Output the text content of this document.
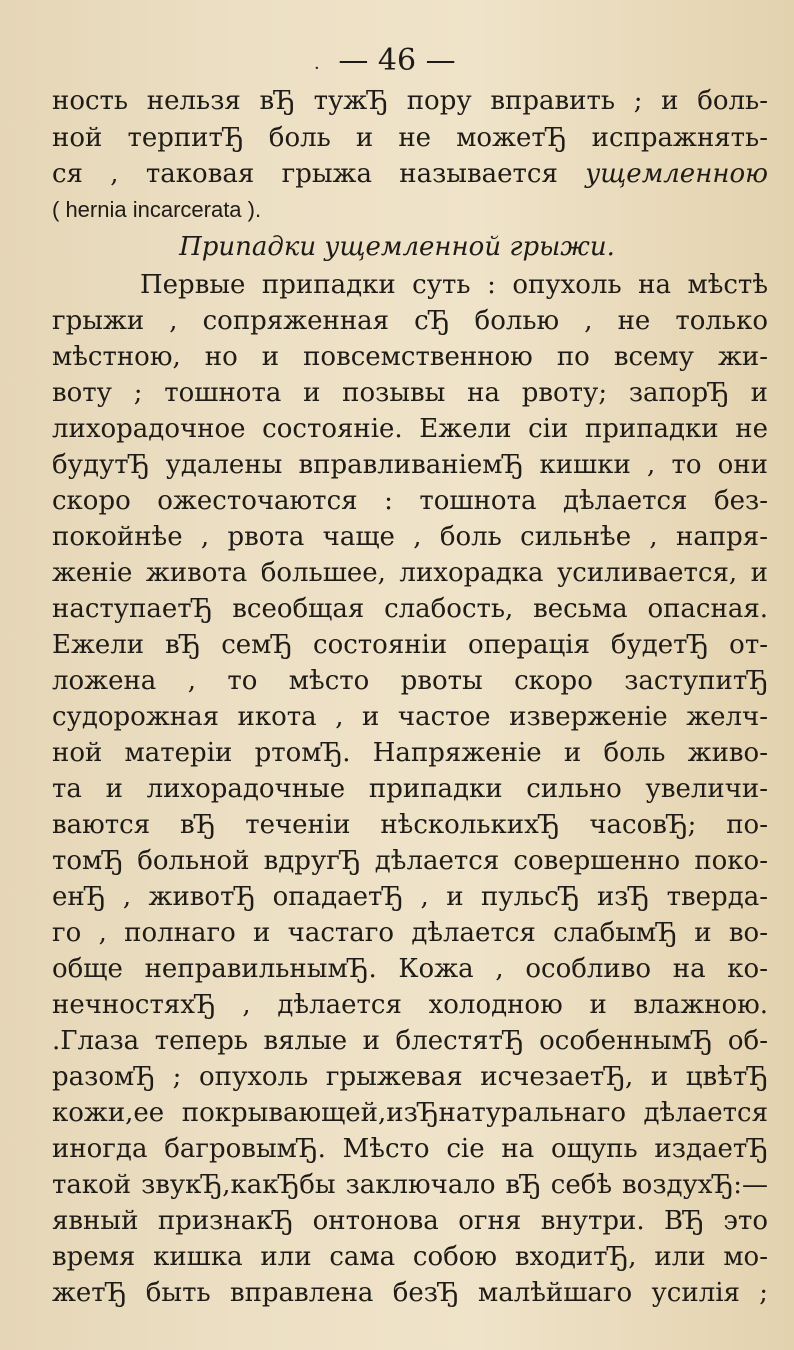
· — 46 —
ность нельзя вЂ тужЂ пору вправить ; и боль-
ной терпитЂ боль и не можетЂ испражнять-
ся , таковая грыжа называется ущемленною
( hernia incarcerata ).
Припадки ущемленной грыжи.
Первые припадки суть : опухоль на мѣстѣ
грыжи , сопряженная сЂ болью , не только
мѣстною, но и повсемственною по всему жи-
воту ; тошнота и позывы на рвоту; запорЂ и
лихорадочное состояніе. Ежели сіи припадки не
будутЂ удалены вправливаніемЂ кишки , то они
скоро ожесточаются : тошнота дѣлается без-
покойнѣе , рвота чаще , боль сильнѣе , напря-
женіе живота большее, лихорадка усиливается, и
наступаетЂ всеобщая слабость, весьма опасная.
Ежели вЂ семЂ состояніи операція будетЂ от-
ложена , то мѣсто рвоты скоро заступитЂ
судорожная икота , и частое изверженіе желч-
ной матеріи ртомЂ. Напряженіе и боль живо-
та и лихорадочные припадки сильно увеличи-
ваются вЂ теченіи нѣсколькихЂ часовЂ; по-
томЂ больной вдругЂ дѣлается совершенно поко-
енЂ , животЂ опадаетЂ , и пульсЂ изЂ тверда-
го , полнаго и частаго дѣлается слабымЂ и во-
обще неправильнымЂ. Кожа , особливо на ко-
нечностяхЂ , дѣлается холодною и влажною.
.Глаза теперь вялые и блестятЂ особеннымЂ об-
разомЂ ; опухоль грыжевая исчезаетЂ, и цвѣтЂ
кожи,ее покрывающей,изЂнатуральнаго дѣлается
иногда багровымЂ. Мѣсто сіе на ощупь издаетЂ
такой звукЂ,какЂбы заключало вЂ себѣ воздухЂ:—
явный признакЂ онтонова огня внутри. ВЂ это
время кишка или сама собою входитЂ, или мо-
жетЂ быть вправлена безЂ малѣйшаго усилія ;
